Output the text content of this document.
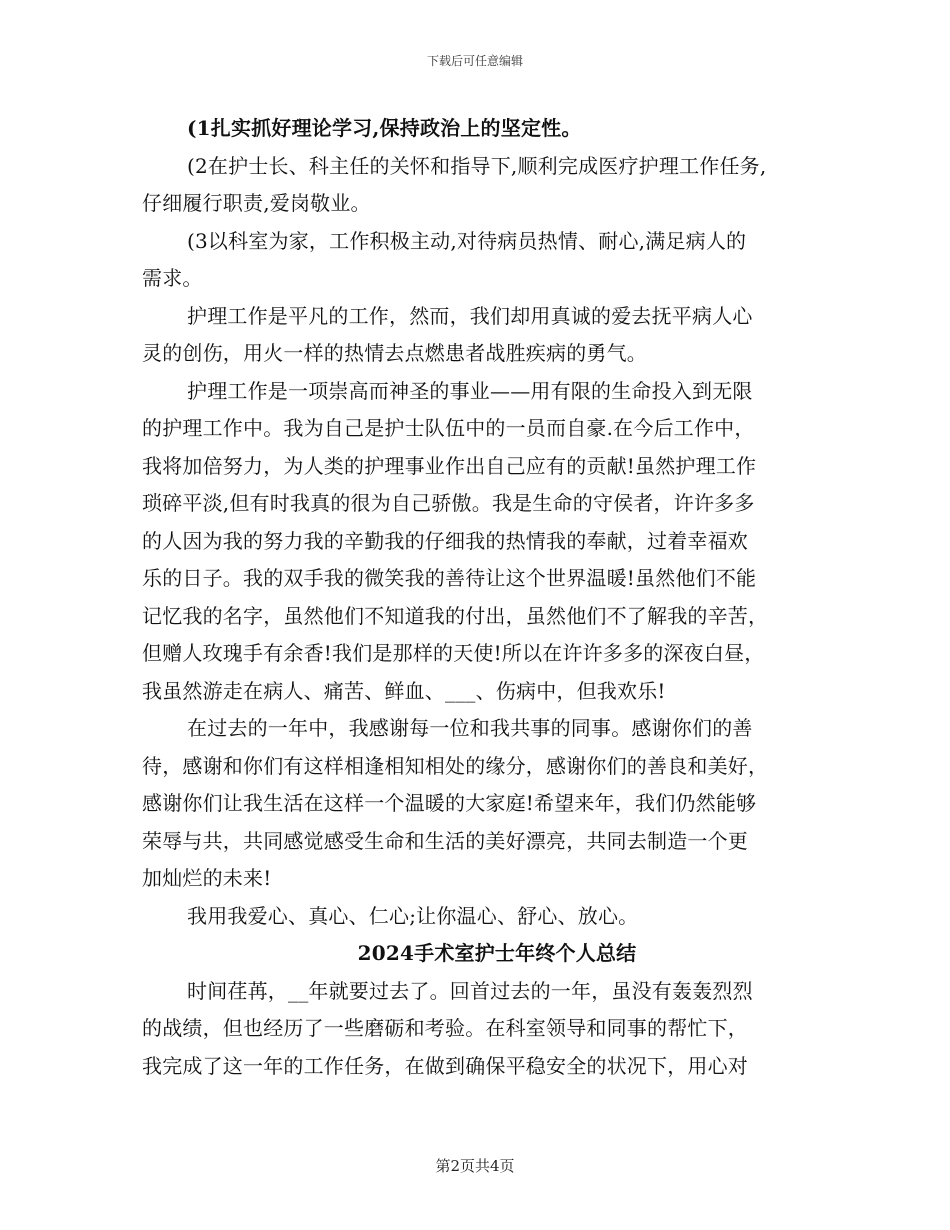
下载后可任意编辑
(1扎实抓好理论学习,保持政治上的坚定性。
(2在护士长、科主任的关怀和指导下,顺利完成医疗护理工作任务,
仔细履行职责,爱岗敬业。
(3以科室为家，工作积极主动,对待病员热情、耐心,满足病人的
需求。
护理工作是平凡的工作，然而，我们却用真诚的爱去抚平病人心
灵的创伤，用火一样的热情去点燃患者战胜疾病的勇气。
护理工作是一项崇高而神圣的事业——用有限的生命投入到无限
的护理工作中。我为自己是护士队伍中的一员而自豪.在今后工作中，
我将加倍努力，为人类的护理事业作出自己应有的贡献!虽然护理工作
琐碎平淡,但有时我真的很为自己骄傲。我是生命的守侯者，许许多多
的人因为我的努力我的辛勤我的仔细我的热情我的奉献，过着幸福欢
乐的日子。我的双手我的微笑我的善待让这个世界温暖!虽然他们不能
记忆我的名字，虽然他们不知道我的付出，虽然他们不了解我的辛苦，
但赠人玫瑰手有余香!我们是那样的天使!所以在许许多多的深夜白昼，
我虽然游走在病人、痛苦、鲜血、___、伤病中，但我欢乐!
在过去的一年中，我感谢每一位和我共事的同事。感谢你们的善
待，感谢和你们有这样相逢相知相处的缘分，感谢你们的善良和美好，
感谢你们让我生活在这样一个温暖的大家庭!希望来年，我们仍然能够
荣辱与共，共同感觉感受生命和生活的美好漂亮，共同去制造一个更
加灿烂的未来!
我用我爱心、真心、仁心;让你温心、舒心、放心。
2024手术室护士年终个人总结
时间荏苒，__年就要过去了。回首过去的一年，虽没有轰轰烈烈
的战绩，但也经历了一些磨砺和考验。在科室领导和同事的帮忙下，
我完成了这一年的工作任务，在做到确保平稳安全的状况下，用心对
第2页共4页
